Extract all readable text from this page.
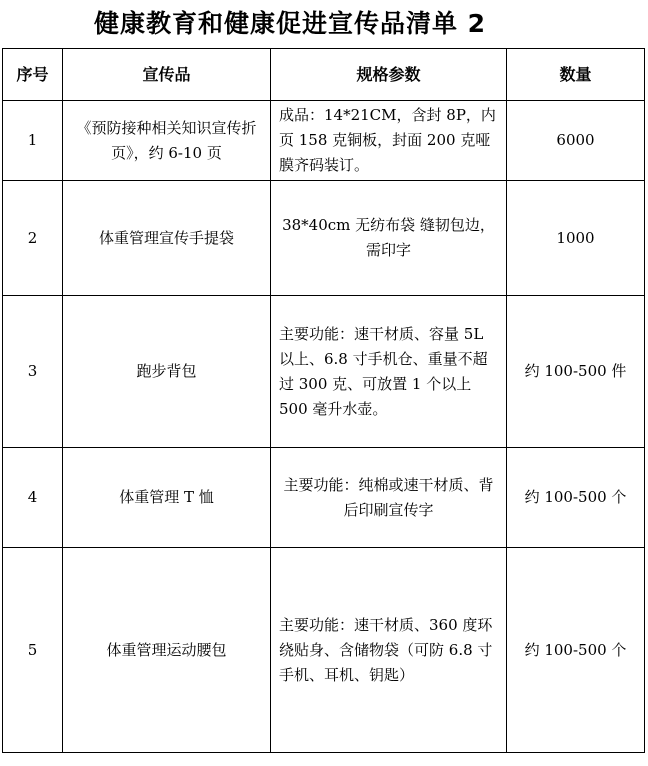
健康教育和健康促进宣传品清单 2
序号	宣传品	规格参数	数量
1	《预防接种相关知识宣传折页》，约 6-10 页	成品：14*21CM，含封 8P，内页 158 克铜板，封面 200 克哑膜齐码装订。	6000
2	体重管理宣传手提袋	38*40cm 无纺布袋 缝韧包边，需印字	1000
3	跑步背包	主要功能：速干材质、容量 5L 以上、6.8 寸手机仓、重量不超过 300 克、可放置 1 个以上 500 毫升水壶。	约 100-500 件
4	体重管理 T 恤	主要功能：纯棉或速干材质、背后印刷宣传字	约 100-500 个
5	体重管理运动腰包	主要功能：速干材质、360 度环绕贴身、含储物袋（可防 6.8 寸手机、耳机、钥匙）	约 100-500 个
